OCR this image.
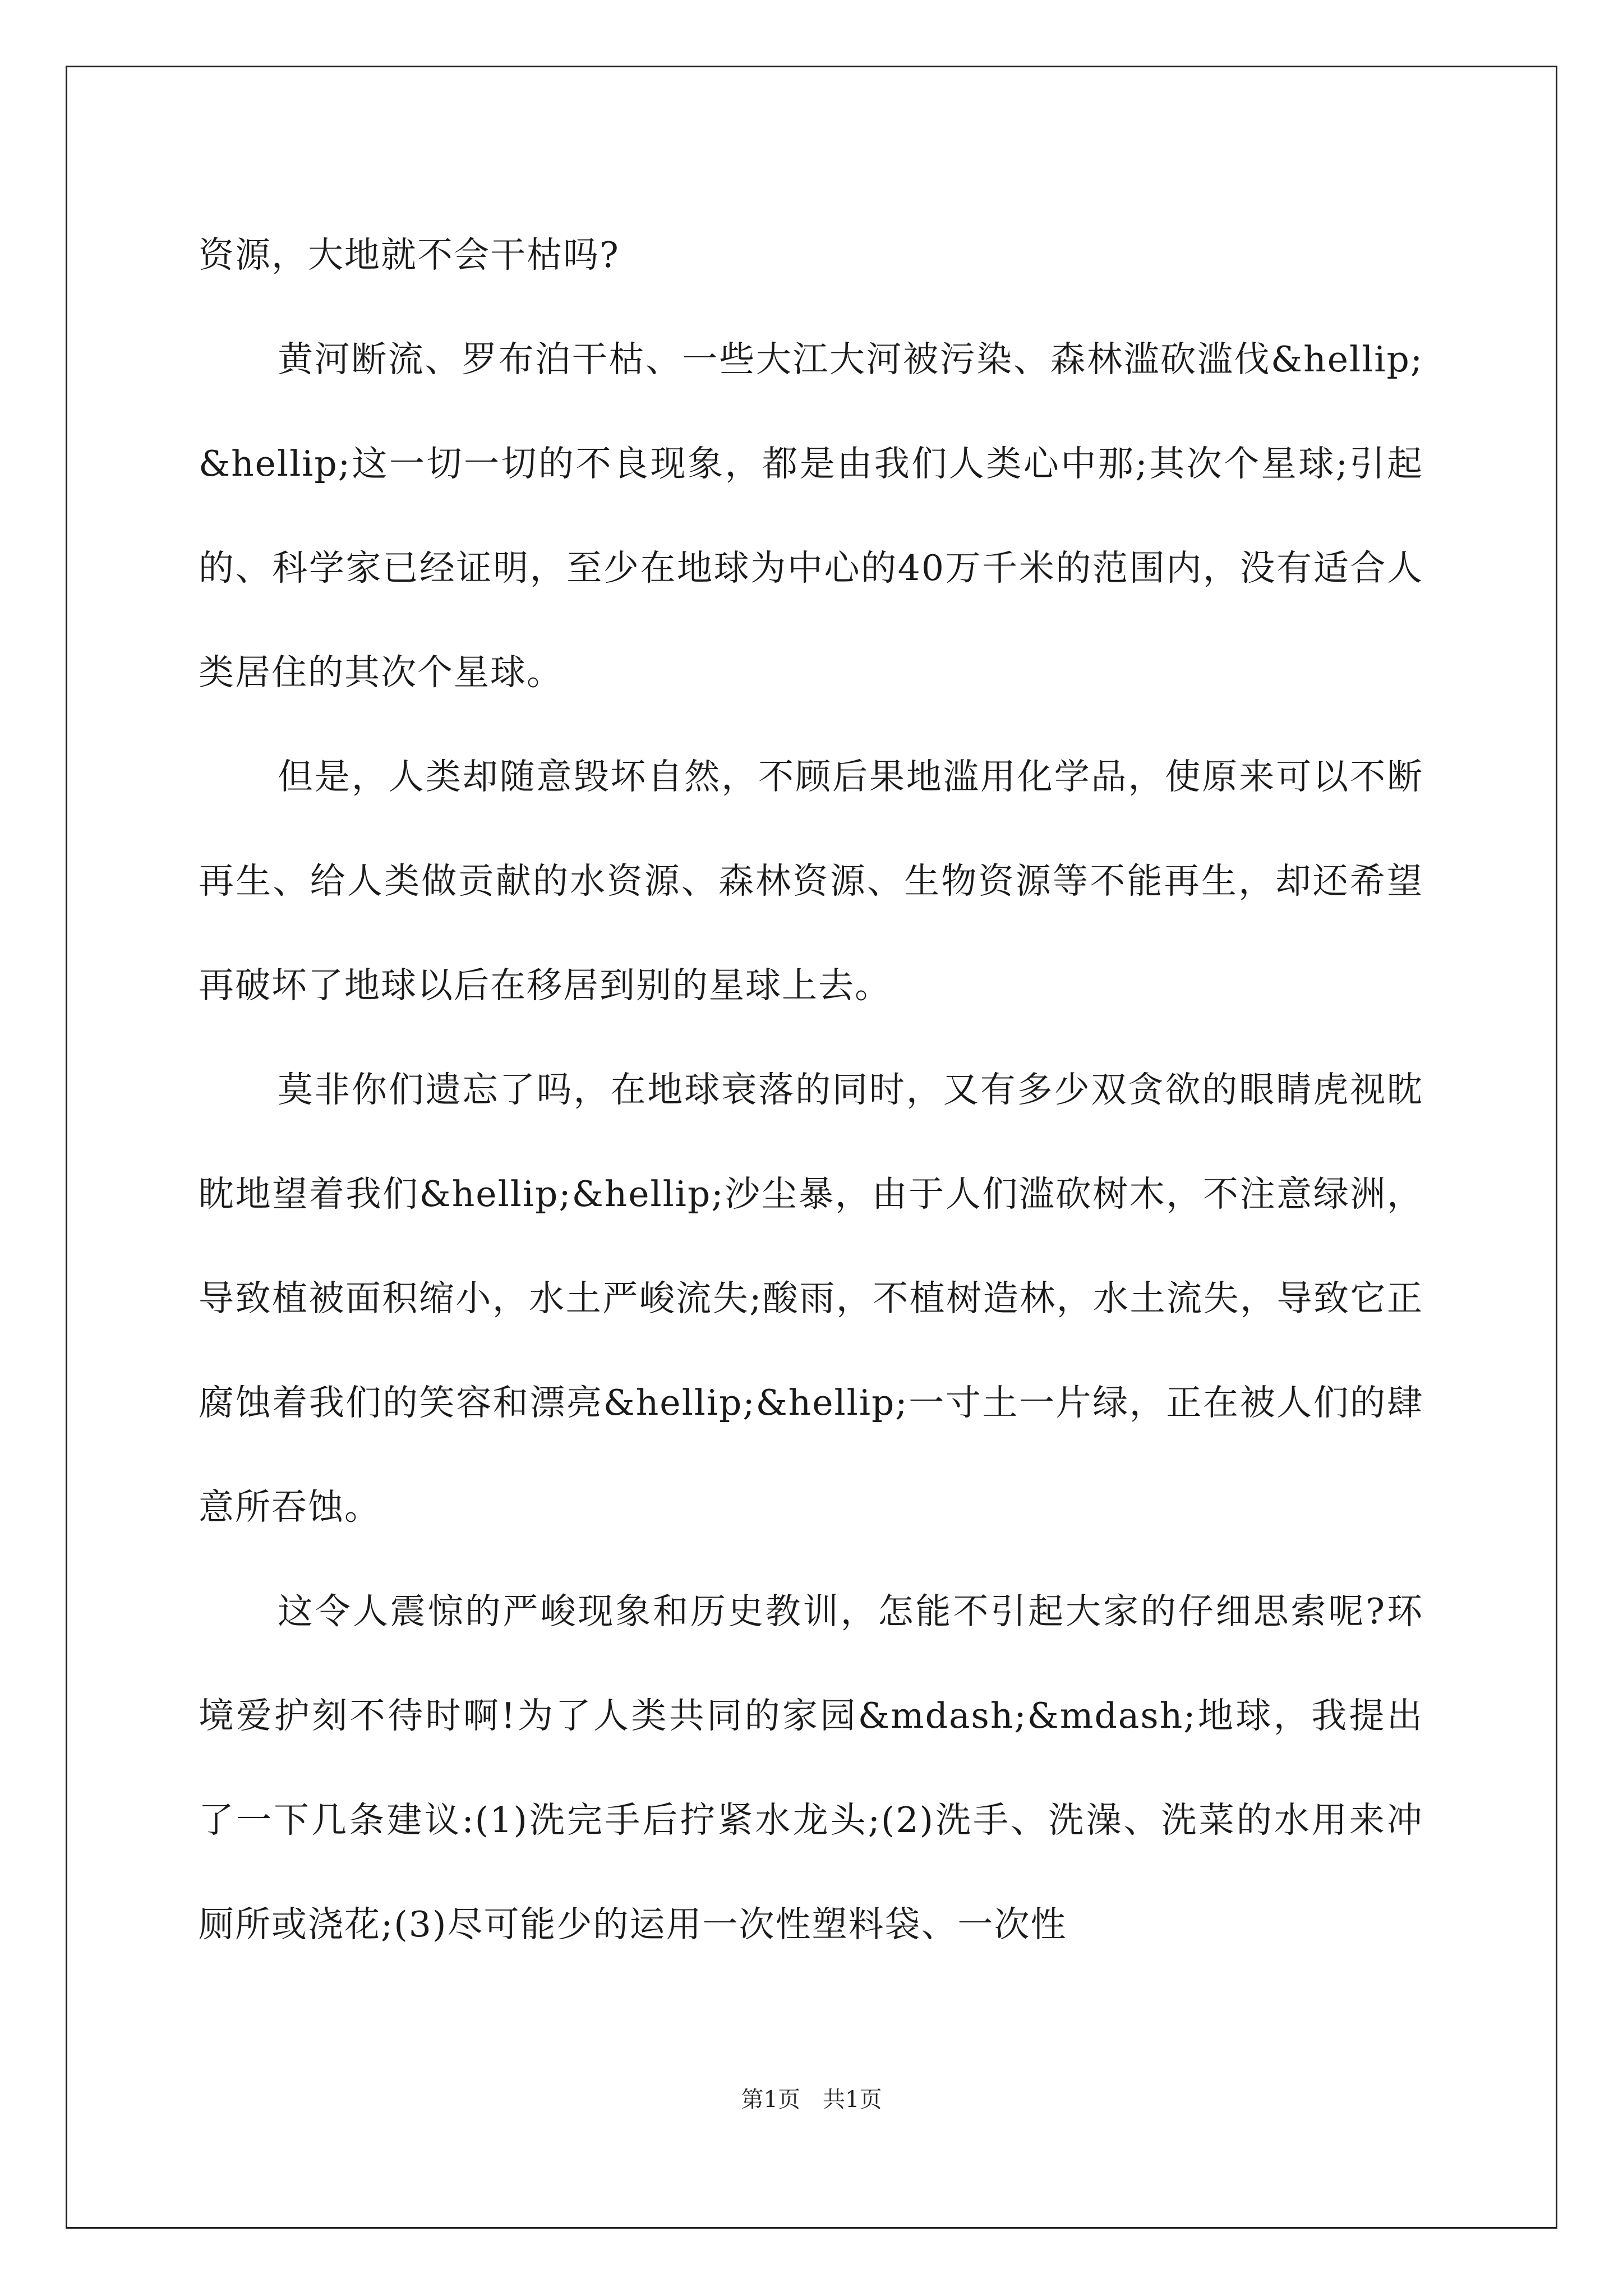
资源，大地就不会干枯吗?

黄河断流、罗布泊干枯、一些大江大河被污染、森林滥砍滥伐&hellip;&hellip;这一切一切的不良现象，都是由我们人类心中那;其次个星球;引起的、科学家已经证明，至少在地球为中心的40万千米的范围内，没有适合人类居住的其次个星球。

但是，人类却随意毁坏自然，不顾后果地滥用化学品，使原来可以不断再生、给人类做贡献的水资源、森林资源、生物资源等不能再生，却还希望再破坏了地球以后在移居到别的星球上去。

莫非你们遗忘了吗，在地球衰落的同时，又有多少双贪欲的眼睛虎视眈眈地望着我们&hellip;&hellip;沙尘暴，由于人们滥砍树木，不注意绿洲，导致植被面积缩小，水土严峻流失;酸雨，不植树造林，水土流失，导致它正腐蚀着我们的笑容和漂亮&hellip;&hellip;一寸土一片绿，正在被人们的肆意所吞蚀。

这令人震惊的严峻现象和历史教训，怎能不引起大家的仔细思索呢?环境爱护刻不待时啊!为了人类共同的家园&mdash;&mdash;地球，我提出了一下几条建议:(1)洗完手后拧紧水龙头;(2)洗手、洗澡、洗菜的水用来冲厕所或浇花;(3)尽可能少的运用一次性塑料袋、一次性

第1页　共1页
